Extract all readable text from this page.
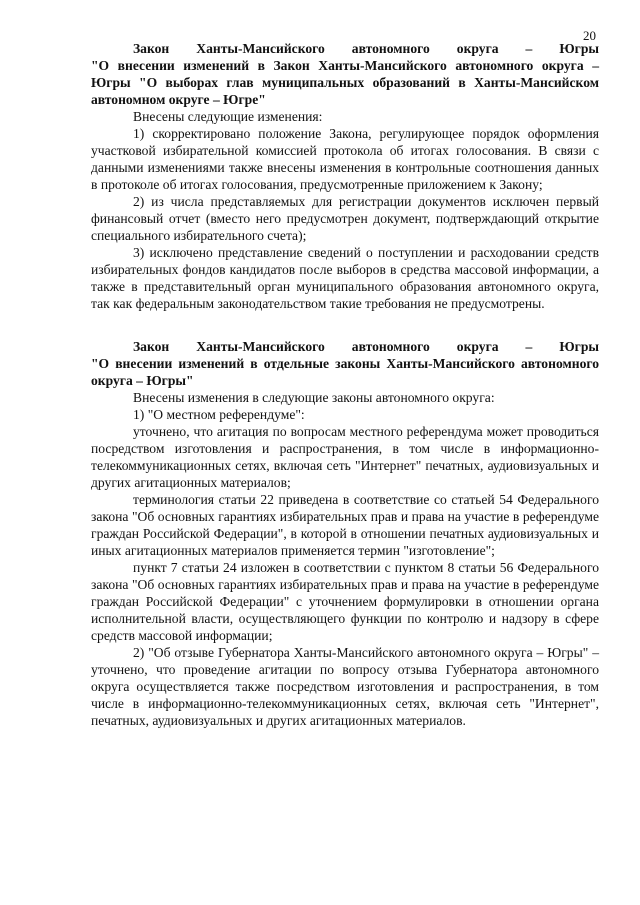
20
Закон Ханты-Мансийского автономного округа – Югры
"О внесении изменений в Закон Ханты-Мансийского автономного округа – Югры "О выборах глав муниципальных образований в Ханты-Мансийском автономном округе – Югре"

Внесены следующие изменения:

1) скорректировано положение Закона, регулирующее порядок оформления участковой избирательной комиссией протокола об итогах голосования. В связи с данными изменениями также внесены изменения в контрольные соотношения данных в протоколе об итогах голосования, предусмотренные приложением к Закону;

2) из числа представляемых для регистрации документов исключен первый финансовый отчет (вместо него предусмотрен документ, подтверждающий открытие специального избирательного счета);

3) исключено представление сведений о поступлении и расходовании средств избирательных фондов кандидатов после выборов в средства массовой информации, а также в представительный орган муниципального образования автономного округа, так как федеральным законодательством такие требования не предусмотрены.

Закон Ханты-Мансийского автономного округа – Югры
"О внесении изменений в отдельные законы Ханты-Мансийского автономного округа – Югры"

Внесены изменения в следующие законы автономного округа:

1) "О местном референдуме":

уточнено, что агитация по вопросам местного референдума может проводиться посредством изготовления и распространения, в том числе в информационно-телекоммуникационных сетях, включая сеть "Интернет" печатных, аудиовизуальных и других агитационных материалов;

терминология статьи 22 приведена в соответствие со статьей 54 Федерального закона "Об основных гарантиях избирательных прав и права на участие в референдуме граждан Российской Федерации", в которой в отношении печатных аудиовизуальных и иных агитационных материалов применяется термин "изготовление";

пункт 7 статьи 24 изложен в соответствии с пунктом 8 статьи 56 Федерального закона "Об основных гарантиях избирательных прав и права на участие в референдуме граждан Российской Федерации" с уточнением формулировки в отношении органа исполнительной власти, осуществляющего функции по контролю и надзору в сфере средств массовой информации;

2) "Об отзыве Губернатора Ханты-Мансийского автономного округа – Югры" – уточнено, что проведение агитации по вопросу отзыва Губернатора автономного округа осуществляется также посредством изготовления и распространения, в том числе в информационно-телекоммуникационных сетях, включая сеть "Интернет", печатных, аудиовизуальных и других агитационных материалов.
